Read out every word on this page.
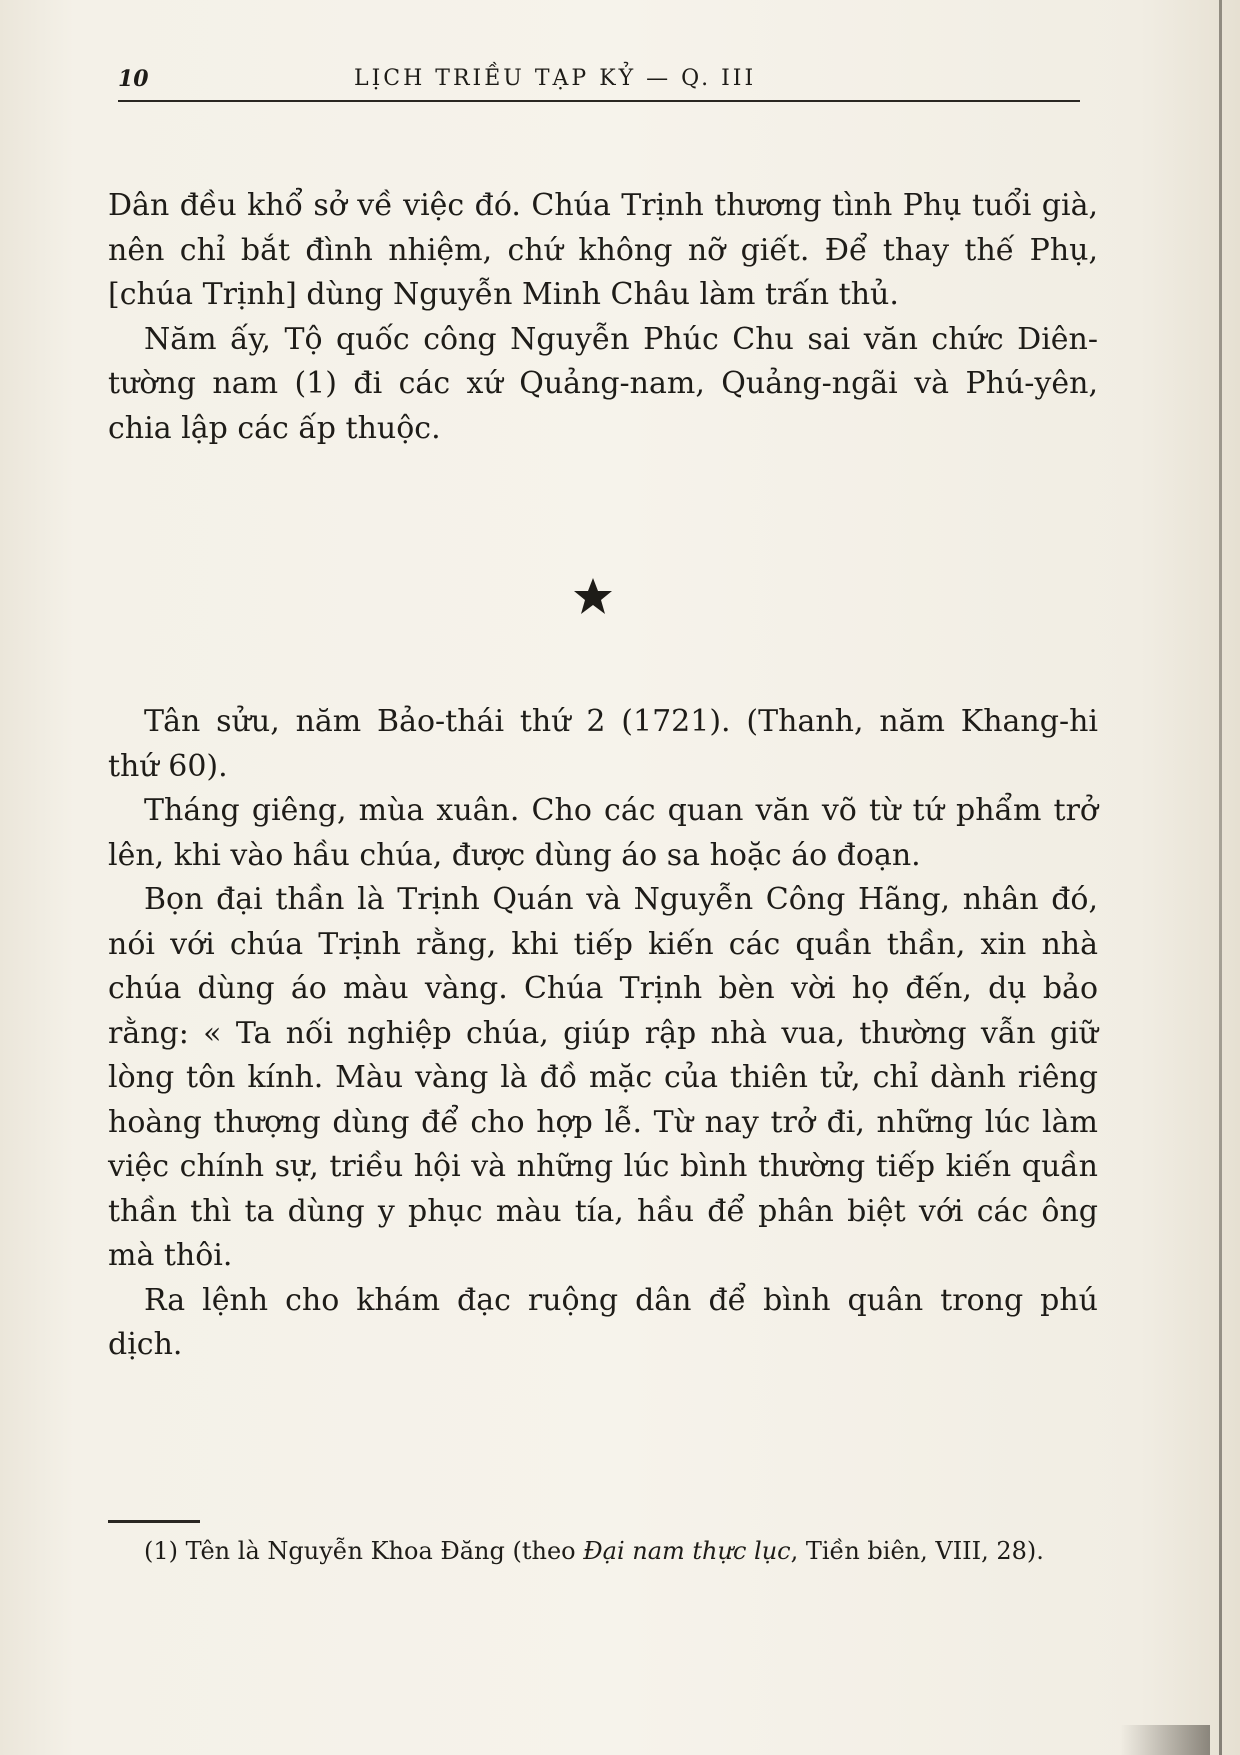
10	LỊCH TRIỀU TẠP KỶ — Q. III

Dân đều khổ sở về việc đó. Chúa Trịnh thương tình Phụ tuổi già, nên chỉ bắt đình nhiệm, chứ không nỡ giết. Để thay thế Phụ, [chúa Trịnh] dùng Nguyễn Minh Châu làm trấn thủ.

Năm ấy, Tộ quốc công Nguyễn Phúc Chu sai văn chức Diên-tường nam (1) đi các xứ Quảng-nam, Quảng-ngãi và Phú-yên, chia lập các ấp thuộc.

Tân sửu, năm Bảo-thái thứ 2 (1721). (Thanh, năm Khang-hi thứ 60).

Tháng giêng, mùa xuân. Cho các quan văn võ từ tứ phẩm trở lên, khi vào hầu chúa, được dùng áo sa hoặc áo đoạn.

Bọn đại thần là Trịnh Quán và Nguyễn Công Hãng, nhân đó, nói với chúa Trịnh rằng, khi tiếp kiến các quần thần, xin nhà chúa dùng áo màu vàng. Chúa Trịnh bèn vời họ đến, dụ bảo rằng: « Ta nối nghiệp chúa, giúp rập nhà vua, thường vẫn giữ lòng tôn kính. Màu vàng là đồ mặc của thiên tử, chỉ dành riêng hoàng thượng dùng để cho hợp lễ. Từ nay trở đi, những lúc làm việc chính sự, triều hội và những lúc bình thường tiếp kiến quần thần thì ta dùng y phục màu tía, hầu để phân biệt với các ông mà thôi.

Ra lệnh cho khám đạc ruộng dân để bình quân trong phú dịch.

(1) Tên là Nguyễn Khoa Đăng (theo Đại nam thực lục, Tiền biên, VIII, 28).
